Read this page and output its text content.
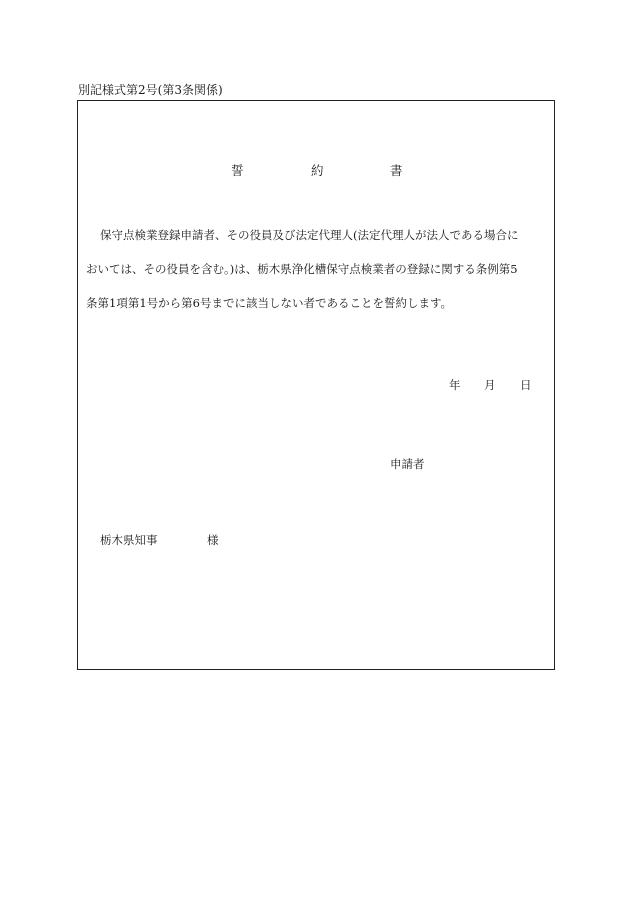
別記様式第2号(第3条関係)
誓	約	書
保守点検業登録申請者、その役員及び法定代理人(法定代理人が法人である場合に
おいては、その役員を含む。)は、栃木県浄化槽保守点検業者の登録に関する条例第5
条第1項第1号から第6号までに該当しない者であることを誓約します。
年 月 日
申請者
栃木県知事	様
